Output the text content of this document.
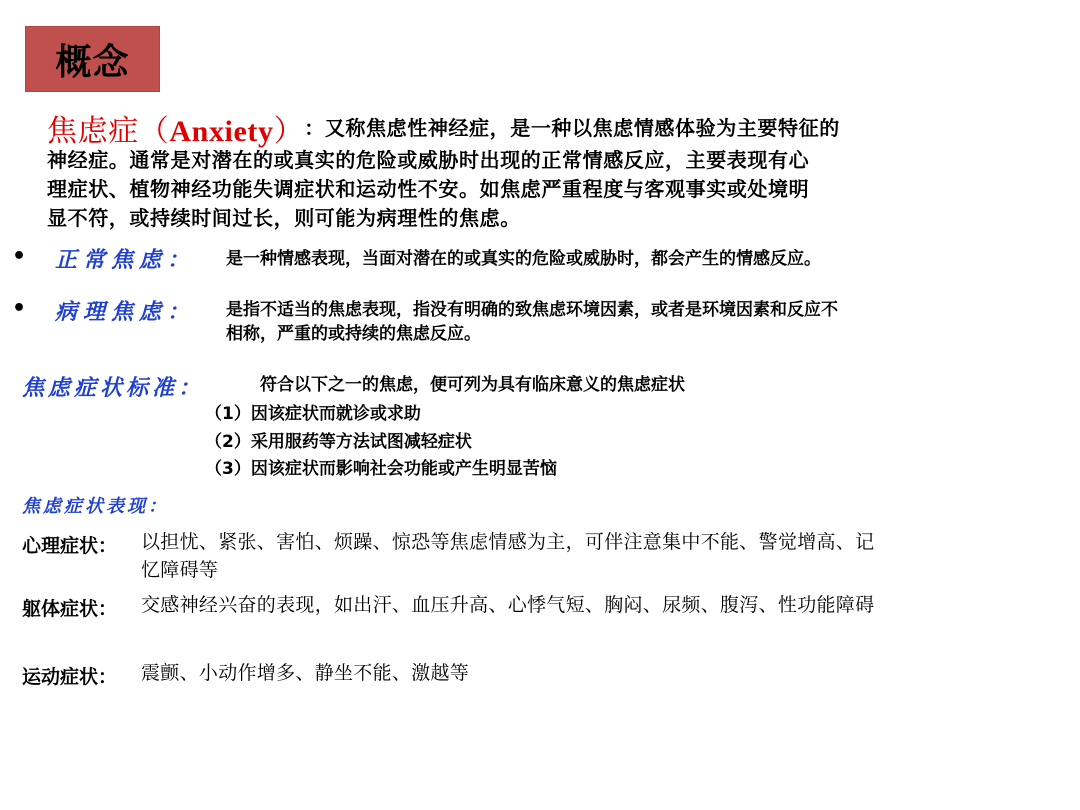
概念
焦虑症（ Anxiety ） ：又称焦虑性神经症，是一种以焦虑情感体验为主要特征的
神经症。通常是对潜在的或真实的危险或威胁时出现的正常情感反应，主要表现有心
理症状、植物神经功能失调症状和运动性不安。如焦虑严重程度与客观事实或处境明
显不符，或持续时间过长，则可能为病理性的焦虑。
• 正常焦虑： 是一种情感表现，当面对潜在的或真实的危险或威胁时，都会产生的情感反应。
• 病理焦虑： 是指不适当的焦虑表现，指没有明确的致焦虑环境因素，或者是环境因素和反应不
相称，严重的或持续的焦虑反应。
焦虑症状标准：	符合以下之一的焦虑，便可列为具有临床意义的焦虑症状
（1）因该症状而就诊或求助
（2）采用服药等方法试图减轻症状
（3）因该症状而影响社会功能或产生明显苦恼
焦虑症状表现：
心理症状： 以担忧、紧张、害怕、烦躁、惊恐等焦虑情感为主，可伴注意集中不能、警觉增高、记
忆障碍等
躯体症状： 交感神经兴奋的表现，如出汗、血压升高、心悸气短、胸闷、尿频、腹泻、性功能障碍
运动症状： 震颤、小动作增多、静坐不能、激越等
